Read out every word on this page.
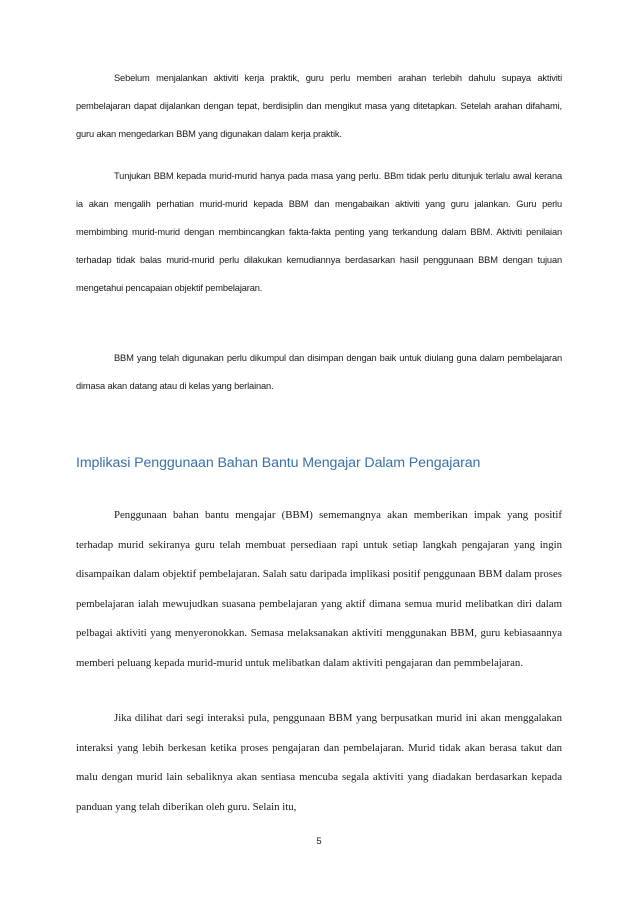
Sebelum menjalankan aktiviti kerja praktik, guru perlu memberi arahan terlebih dahulu supaya aktiviti pembelajaran dapat dijalankan dengan tepat, berdisiplin dan mengikut masa yang ditetapkan. Setelah arahan difahami, guru akan mengedarkan BBM yang digunakan dalam kerja praktik.

Tunjukan BBM kepada murid-murid hanya pada masa yang perlu. BBm tidak perlu ditunjuk terlalu awal kerana ia akan mengalih perhatian murid-murid kepada BBM dan mengabaikan aktiviti yang guru jalankan. Guru perlu membimbing murid-murid dengan membincangkan fakta-fakta penting yang terkandung dalam BBM. Aktiviti penilaian terhadap tidak balas murid-murid perlu dilakukan kemudiannya berdasarkan hasil penggunaan BBM dengan tujuan mengetahui pencapaian objektif pembelajaran.

BBM yang telah digunakan perlu dikumpul dan disimpan dengan baik untuk diulang guna dalam pembelajaran dimasa akan datang atau di kelas yang berlainan.

Implikasi Penggunaan Bahan Bantu Mengajar Dalam Pengajaran

Penggunaan bahan bantu mengajar (BBM) sememangnya akan memberikan impak yang positif terhadap murid sekiranya guru telah membuat persediaan rapi untuk setiap langkah pengajaran yang ingin disampaikan dalam objektif pembelajaran. Salah satu daripada implikasi positif penggunaan BBM dalam proses pembelajaran ialah mewujudkan suasana pembelajaran yang aktif dimana semua murid melibatkan diri dalam pelbagai aktiviti yang menyeronokkan. Semasa melaksanakan aktiviti menggunakan BBM, guru kebiasaannya memberi peluang kepada murid-murid untuk melibatkan dalam aktiviti pengajaran dan pemmbelajaran.

Jika dilihat dari segi interaksi pula, penggunaan BBM yang berpusatkan murid ini akan menggalakan interaksi yang lebih berkesan ketika proses pengajaran dan pembelajaran. Murid tidak akan berasa takut dan malu dengan murid lain sebaliknya akan sentiasa mencuba segala aktiviti yang diadakan berdasarkan kepada panduan yang telah diberikan oleh guru. Selain itu,

5
